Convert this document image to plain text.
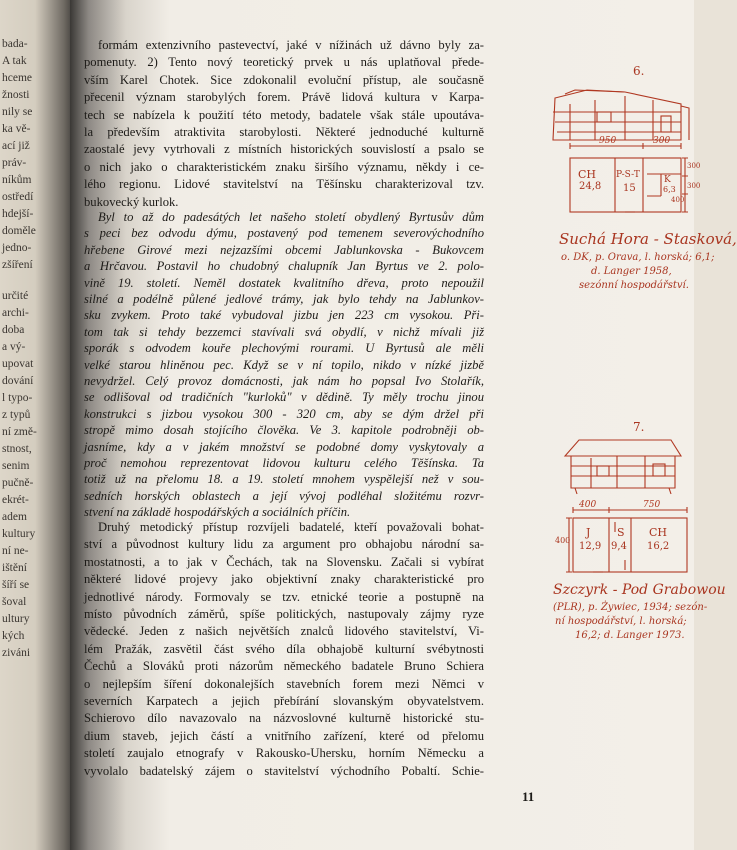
bada-
A tak
hceme
žnosti
nily se
ka vě-
ací již
práv-
níkům
ostředí
hdejší-
doměle
jedno-
zšíření
určité
archi-
doba
a vý-
upovat
dování
l typo-
z typů
ní změ-
stnost,
senim
pučně-
ekrét-
adem
kultury
ní ne-
ištění
šíří se
šoval
ultury
kých
ziváni
formám extenzivního pastevectví, jaké v nížinách už dávno byly za-
pomenuty. 2) Tento nový teoretický prvek u nás uplatňoval přede-
vším Karel Chotek. Sice zdokonalil evoluční přístup, ale současně
přecenil význam starobylých forem. Právě lidová kultura v Karpa-
tech se nabízela k použití této metody, badatele však stále upoutáva-
la především atraktivita starobylosti. Některé jednoduché kulturně
zaostalé jevy vytrhovali z místních historických souvislostí a psalo se
o nich jako o charakteristickém znaku širšího významu, někdy i ce-
lého regionu. Lidové stavitelství na Těšínsku charakterizoval tzv.
bukovecký kurlok.
Byl to až do padesátých let našeho století obydlený Byrtusův dům
s peci bez odvodu dýmu, postavený pod temenem severovýchodního
hřebene Girové mezi nejzazšími obcemi Jablunkovska - Bukovcem
a Hrčavou. Postavil ho chudobný chalupník Jan Byrtus ve 2. polo-
vině 19. století. Neměl dostatek kvalitního dřeva, proto nepoužil
silné a podélně půlené jedlové trámy, jak bylo tehdy na Jablunkov-
sku zvykem. Proto také vybudoval jizbu jen 223 cm vysokou. Při-
tom tak si tehdy bezzemci stavívali svá obydlí, v nichž mívali již
sporák s odvodem kouře plechovými rourami. U Byrtusů ale měli
velké starou hliněnou pec. Když se v ní topilo, nikdo v nízké jizbě
nevydržel. Celý provoz domácnosti, jak nám ho popsal Ivo Stolařík,
se odlišoval od tradičních "kurloků" v dědině. Ty měly trochu jinou
konstrukci s jizbou vysokou 300 - 320 cm, aby se dým držel při
stropě mimo dosah stojícího člověka. Ve 3. kapitole podrobněji ob-
jasníme, kdy a v jakém množství se podobné domy vyskytovaly a
proč nemohou reprezentovat lidovou kulturu celého Těšínska. Ta
totiž už na přelomu 18. a 19. století mnohem vyspělejší než v sou-
sedních horských oblastech a její vývoj podléhal složitému rozvr-
stvení na základě hospodářských a sociálních příčin.
Druhý metodický přístup rozvíjeli badatelé, kteří považovali bohat-
ství a původnost kultury lidu za argument pro obhajobu národní sa-
mostatnosti, a to jak v Čechách, tak na Slovensku. Začali si vybírat
některé lidové projevy jako objektivní znaky charakteristické pro
jednotlivé národy. Formovaly se tzv. etnické teorie a postupně na
místo původních záměrů, spíše politických, nastupovaly zájmy ryze
vědecké. Jeden z našich největších znalců lidového stavitelství, Vi-
lém Pražák, zasvětil část svého díla obhajobě kulturní svébytnosti
Čechů a Slováků proti názorům německého badatele Bruno Schiera
o nejlepším šíření dokonalejších stavebních forem mezi Němci v
severních Karpatech a jejich přebírání slovanským obyvatelstvem.
Schierovo dílo navazovalo na názvoslovné kulturně historické stu-
dium staveb, jejich částí a vnitřního zařízení, které od přelomu
století zaujalo etnografy v Rakousko-Uhersku, horním Německu a
vyvolalo badatelský zájem o stavitelství východního Pobaltí. Schie-
11
950	300
6.
CH
24,8
P-S-T
15
K
6,3
400
300
300
Suchá Hora - Stasková,
o. DK, p. Orava, l. horská; 6,1;
d. Langer 1958,
sezónní hospodářství.
400	750
7.
400
J
12,9
S
9,4
CH
16,2
Szczyrk - Pod Grabowou
(PLR), p. Żywiec, 1934; sezón-
ní hospodářství, l. horská;
16,2; d. Langer 1973.
